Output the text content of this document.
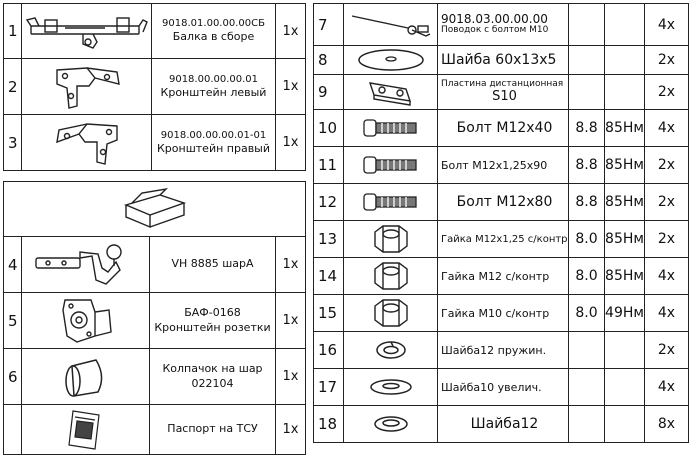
1		9018.01.00.00.00СБ
Балка в сборе	1х
2		9018.00.00.00.01
Кронштейн левый	1х
3		9018.00.00.00.01-01
Кронштейн правый	1х

4		VH 8885 шарА	1х
5		БАФ-0168
Кронштейн розетки	1х
6		Колпачок на шар
022104	1х

Паспорт на ТСУ	1х
7		9018.03.00.00.00
Поводок с болтом М10			4х
8		Шайба 60х13х5			2х
9		Пластина дистанционная
S10			2х
10		Болт М12х40	8.8	85Нм	4х
11		Болт М12х1,25х90	8.8	85Нм	2х
12		Болт М12х80	8.8	85Нм	2х
13		Гайка М12х1,25 с/контр	8.0	85Нм	2х
14		Гайка М12 с/контр	8.0	85Нм	4х
15		Гайка М10 с/контр	8.0	49Нм	4х
16		Шайба12 пружин.			2х
17		Шайба10 увелич.			4х
18		Шайба12			8х
